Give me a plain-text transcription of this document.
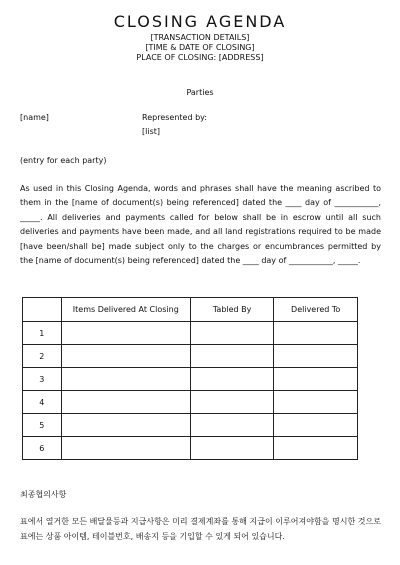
CLOSING AGENDA
[TRANSACTION DETAILS]
[TIME & DATE OF CLOSING]
PLACE OF CLOSING: [ADDRESS]
Parties
[name]	Represented by:
[list]
(entry for each party)
As used in this Closing Agenda, words and phrases shall have the meaning ascribed to them in the [name of document(s) being referenced] dated the ____ day of ___________, _____. All deliveries and payments called for below shall be in escrow until all such deliveries and payments have been made, and all land registrations required to be made [have been/shall be] made subject only to the charges or encumbrances permitted by the [name of document(s) being referenced] dated the ____ day of ___________, _____.
	Items Delivered At Closing	Tabled By	Delivered To
1			
2			
3			
4			
5			
6			
최종협의사항
표에서 열거한 모든 배달물등과 지급사항은 미리 결제계좌를 통해 지급이 이루어져야함을 명시한 것으로 표에는 상품 아이템, 테이블번호, 배송지 등을 기입할 수 있게 되어 있습니다.
